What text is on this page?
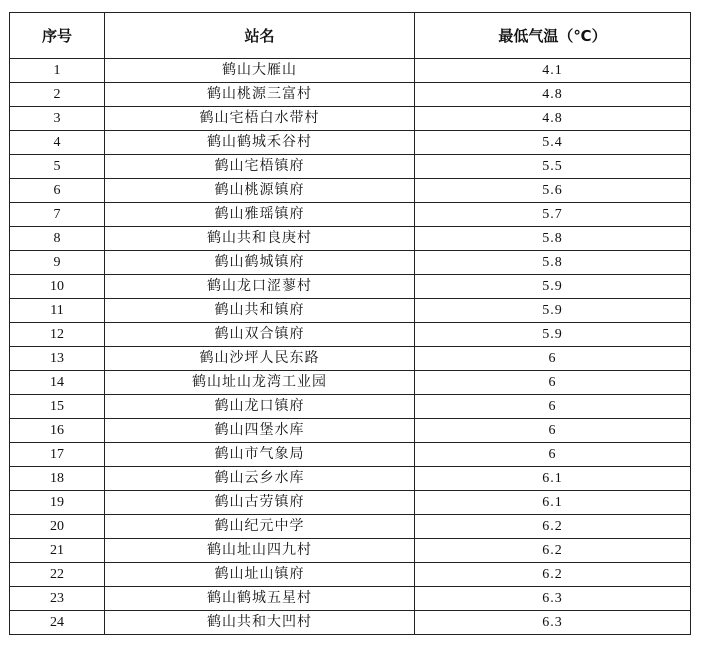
序号	站名	最低气温（℃）
1	鹤山大雁山	4.1
2	鹤山桃源三富村	4.8
3	鹤山宅梧白水带村	4.8
4	鹤山鹤城禾谷村	5.4
5	鹤山宅梧镇府	5.5
6	鹤山桃源镇府	5.6
7	鹤山雅瑶镇府	5.7
8	鹤山共和良庚村	5.8
9	鹤山鹤城镇府	5.8
10	鹤山龙口涩蓼村	5.9
11	鹤山共和镇府	5.9
12	鹤山双合镇府	5.9
13	鹤山沙坪人民东路	6
14	鹤山址山龙湾工业园	6
15	鹤山龙口镇府	6
16	鹤山四堡水库	6
17	鹤山市气象局	6
18	鹤山云乡水库	6.1
19	鹤山古劳镇府	6.1
20	鹤山纪元中学	6.2
21	鹤山址山四九村	6.2
22	鹤山址山镇府	6.2
23	鹤山鹤城五星村	6.3
24	鹤山共和大凹村	6.3
